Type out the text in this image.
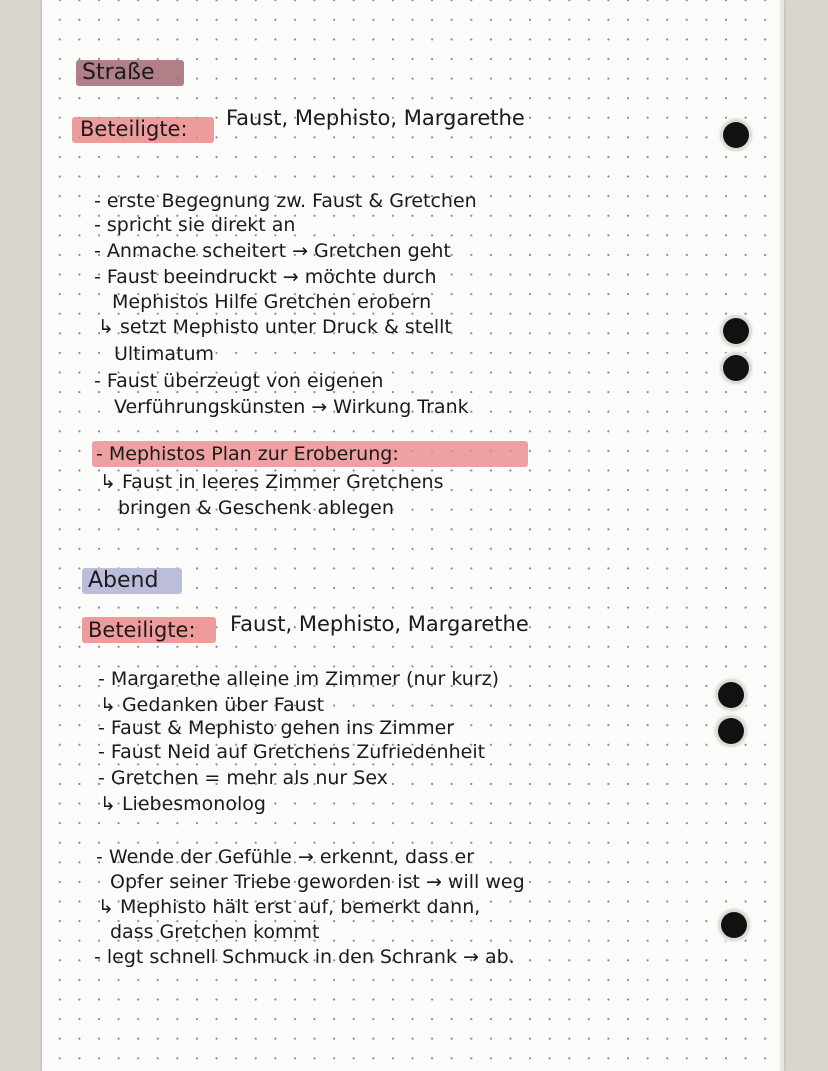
Straße
Beteiligte: Faust, Mephisto, Margarethe
- erste Begegnung zw. Faust & Gretchen
- spricht sie direkt an
- Anmache scheitert → Gretchen geht
- Faust beeindruckt → möchte durch
Mephistos Hilfe Gretchen erobern
↳ setzt Mephisto unter Druck & stellt
Ultimatum
- Faust überzeugt von eigenen
Verführungskünsten → Wirkung Trank
- Mephistos Plan zur Eroberung:
↳ Faust in leeres Zimmer Gretchens
bringen & Geschenk ablegen
Abend
Beteiligte: Faust, Mephisto, Margarethe
- Margarethe alleine im Zimmer (nur kurz)
↳ Gedanken über Faust
- Faust & Mephisto gehen ins Zimmer
- Faust Neid auf Gretchens Zufriedenheit
- Gretchen = mehr als nur Sex
↳ Liebesmonolog
- Wende der Gefühle → erkennt, dass er
Opfer seiner Triebe geworden ist → will weg
↳ Mephisto hält erst auf, bemerkt dann,
dass Gretchen kommt
- legt schnell Schmuck in den Schrank → ab.
